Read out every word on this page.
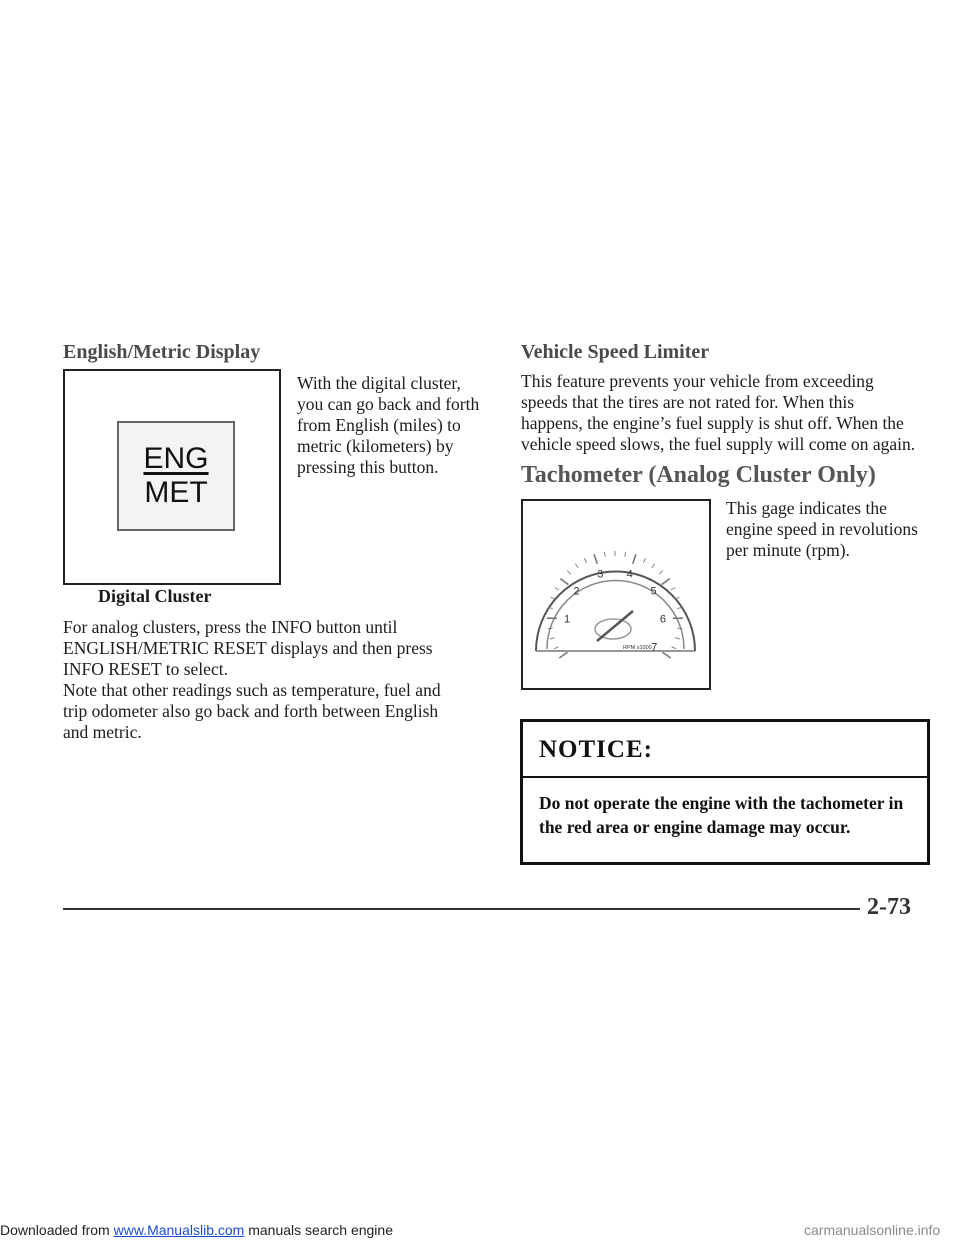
English/Metric Display
ENG
MET

With the digital cluster,

you can go back and forth

from English (miles) to

metric (kilometers) by

pressing this button.

Digital Cluster

For analog clusters, press the INFO button until

ENGLISH/METRIC RESET displays and then press

INFO RESET to select.

Note that other readings such as temperature, fuel and

trip odometer also go back and forth between English

and metric.

Vehicle Speed Limiter

This feature prevents your vehicle from exceeding

speeds that the tires are not rated for. When this

happens, the engine’s fuel supply is shut off. When the

vehicle speed slows, the fuel supply will come on again.

Tachometer (Analog Cluster Only)
1
2
3 4
5
6
7
RPM x1000

This gage indicates the

engine speed in revolutions

per minute (rpm).

NOTICE:
Do not operate the engine with the tachometer in
the red area or engine damage may occur.
2-73
Downloaded from www.Manualslib.com manuals search engine	carmanualsonline.info
